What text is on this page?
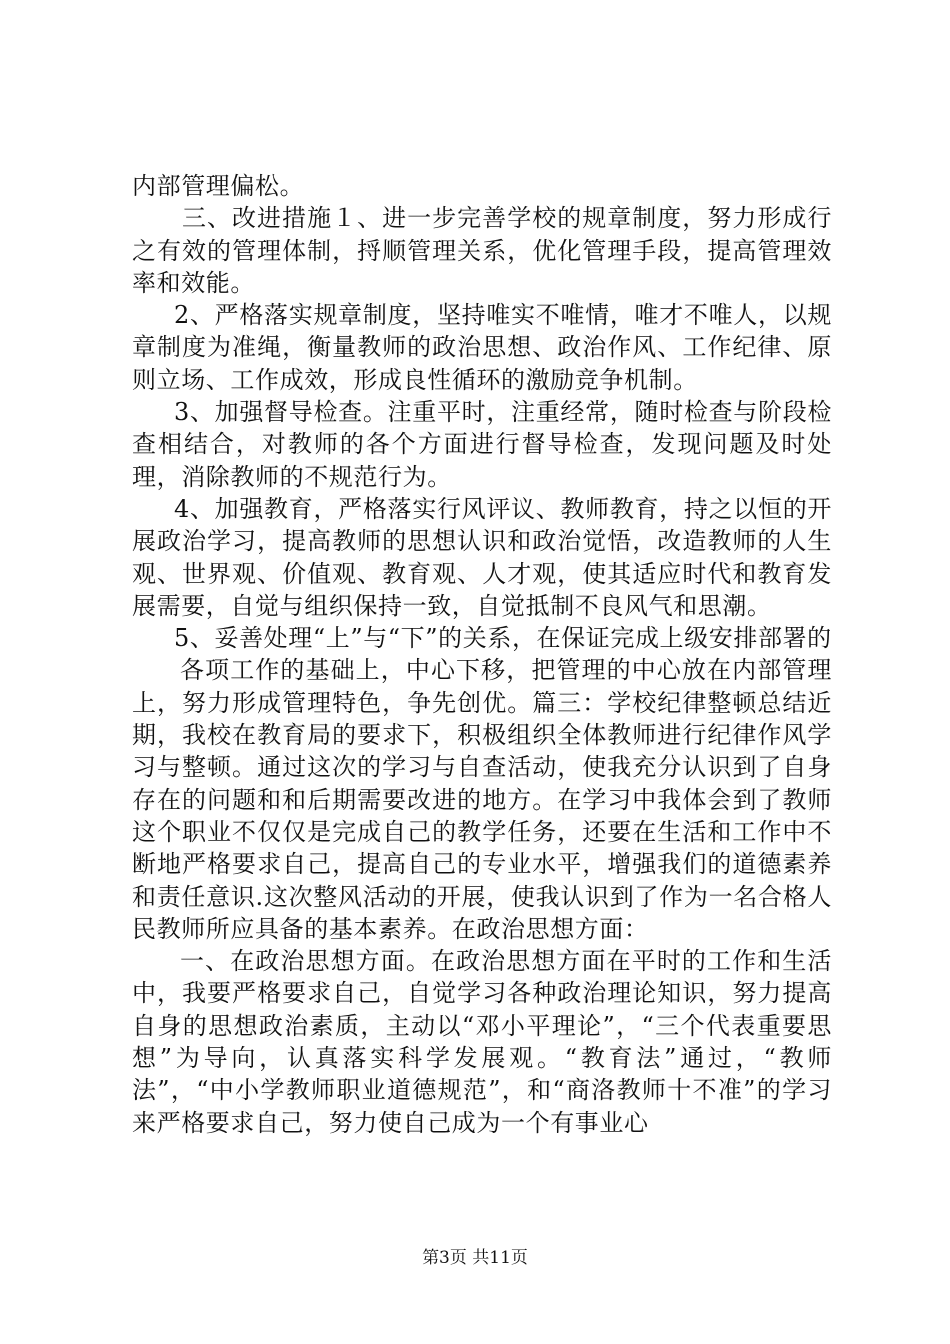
内部管理偏松。

三、改进措施１、进一步完善学校的规章制度，努力形成行之有效的管理体制，捋顺管理关系，优化管理手段，提高管理效率和效能。

2、严格落实规章制度，坚持唯实不唯情，唯才不唯人，以规章制度为准绳，衡量教师的政治思想、政治作风、工作纪律、原则立场、工作成效，形成良性循环的激励竞争机制。

3、加强督导检查。注重平时，注重经常，随时检查与阶段检查相结合，对教师的各个方面进行督导检查，发现问题及时处理，消除教师的不规范行为。

4、加强教育，严格落实行风评议、教师教育，持之以恒的开展政治学习，提高教师的思想认识和政治觉悟，改造教师的人生观、世界观、价值观、教育观、人才观，使其适应时代和教育发展需要，自觉与组织保持一致，自觉抵制不良风气和思潮。

5、妥善处理“上”与“下”的关系，在保证完成上级安排部署的

各项工作的基础上，中心下移，把管理的中心放在内部管理上，努力形成管理特色，争先创优。篇三：学校纪律整顿总结近期，我校在教育局的要求下，积极组织全体教师进行纪律作风学习与整顿。通过这次的学习与自查活动，使我充分认识到了自身存在的问题和和后期需要改进的地方。在学习中我体会到了教师这个职业不仅仅是完成自己的教学任务，还要在生活和工作中不断地严格要求自己，提高自己的专业水平，增强我们的道德素养和责任意识.这次整风活动的开展，使我认识到了作为一名合格人民教师所应具备的基本素养。在政治思想方面：

一、在政治思想方面。在政治思想方面在平时的工作和生活中，我要严格要求自己，自觉学习各种政治理论知识，努力提高自身的思想政治素质，主动以“邓小平理论”，“三个代表重要思想”为导向，认真落实科学发展观。“教育法”通过，“教师法”，“中小学教师职业道德规范”，和“商洛教师十不准”的学习来严格要求自己，努力使自己成为一个有事业心

第3页 共11页
